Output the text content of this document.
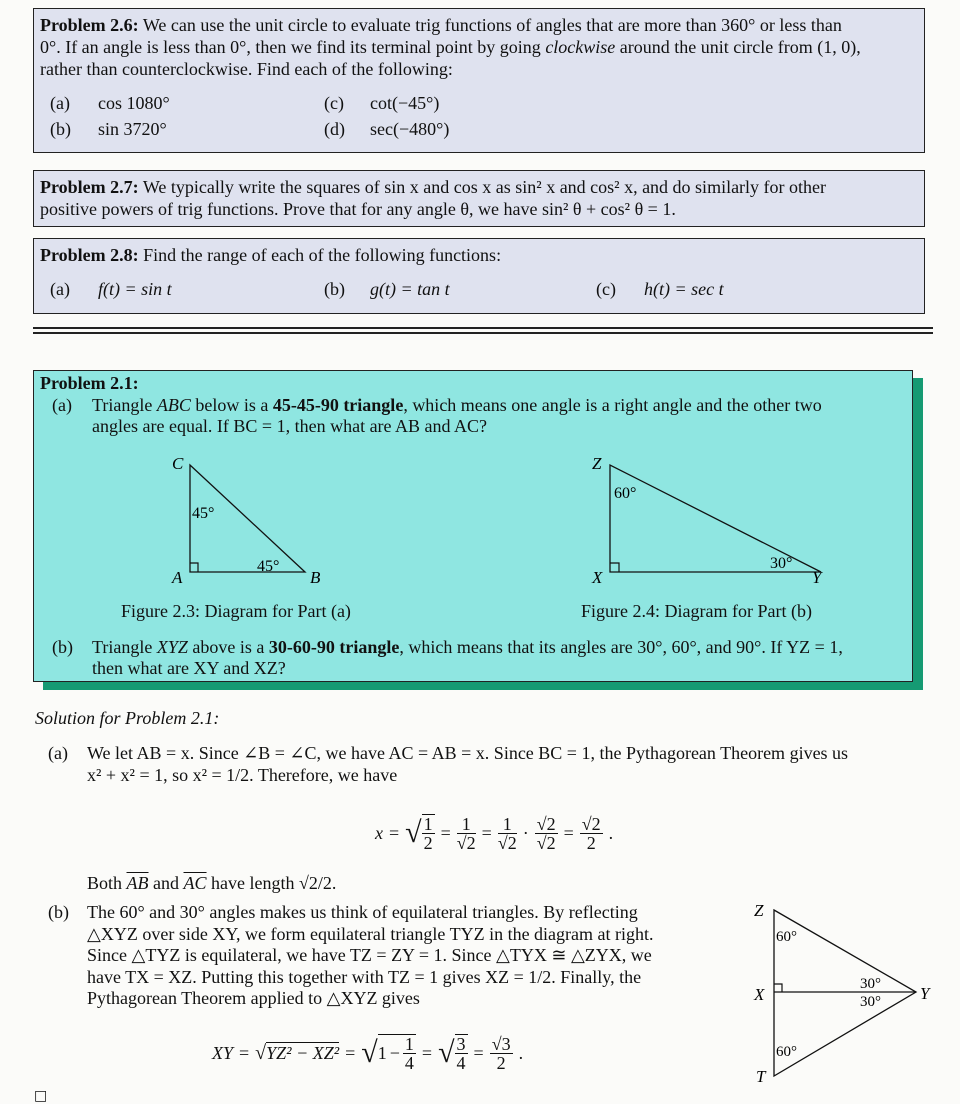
Problem 2.6: We can use the unit circle to evaluate trig functions of angles that are more than 360° or less than
0°. If an angle is less than 0°, then we find its terminal point by going clockwise around the unit circle from (1, 0),
rather than counterclockwise. Find each of the following:
(a) cos 1080°
(b) sin 3720°
(c) cot(−45°)
(d) sec(−480°)
Problem 2.7: We typically write the squares of sin x and cos x as sin² x and cos² x, and do similarly for other
positive powers of trig functions. Prove that for any angle θ, we have sin² θ + cos² θ = 1.
Problem 2.8: Find the range of each of the following functions:
(a) f(t) = sin t	(b) g(t) = tan t	(c) h(t) = sec t
Problem 2.1:
(a) Triangle ABC below is a 45-45-90 triangle, which means one angle is a right angle and the other two
angles are equal. If BC = 1, then what are AB and AC?
C
A	B
45°
45°
Figure 2.3: Diagram for Part (a)
Z
X	Y
60°
30°
Figure 2.4: Diagram for Part (b)
(b) Triangle XYZ above is a 30-60-90 triangle, which means that its angles are 30°, 60°, and 90°. If YZ = 1,
then what are XY and XZ?
Solution for Problem 2.1:
(a) We let AB = x. Since ∠B = ∠C, we have AC = AB = x. Since BC = 1, the Pythagorean Theorem gives us
x² + x² = 1, so x² = 1/2. Therefore, we have
x = √ $\frac{1}{2} = \frac{1}{√2} = \frac{1}{√2} \cdot \frac{√2}{√2} = \frac{√2}{2}$ .
Both $\overline{AB}$ and $\overline{AC}$ have length √2/2.
(b) The 60° and 30° angles makes us think of equilateral triangles. By reflecting
△XYZ over side XY, we form equilateral triangle TYZ in the diagram at right.
Since △TYZ is equilateral, we have TZ = ZY = 1. Since △TYX ≅ △ZYX, we
have TX = XZ. Putting this together with TZ = 1 gives XZ = 1/2. Finally, the
Pythagorean Theorem applied to △XYZ gives
XY = √YZ² − XZ² = √ $1 - \frac{1}{4}$ = √ $\frac{3}{4} = \frac{√3}{2}$ .
Z
X	Y
T
60°
30°
30°
60°
□
